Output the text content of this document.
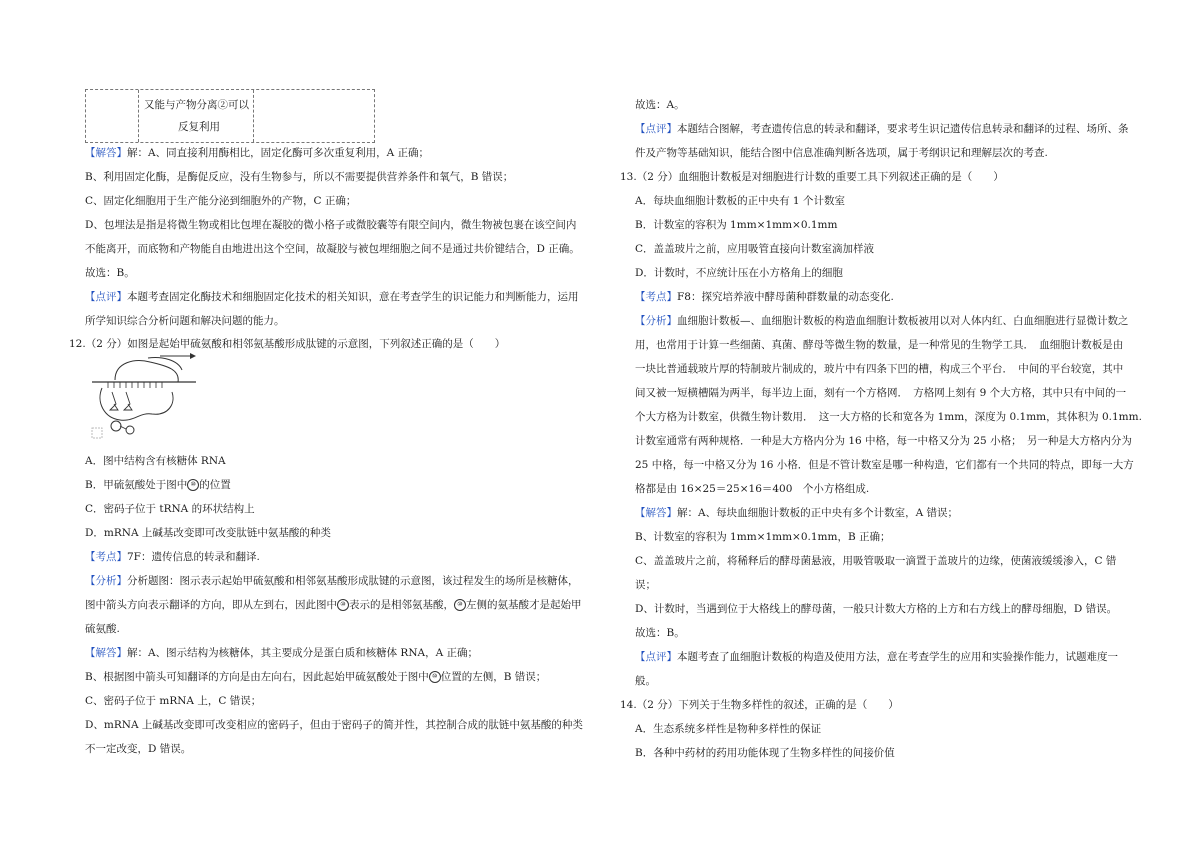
又能与产物分离②可以
反复利用
【解答】解：A、同直接利用酶相比，固定化酶可多次重复利用，A 正确；
B、利用固定化酶，是酶促反应，没有生物参与，所以不需要提供营养条件和氧气，B 错误；
C、固定化细胞用于生产能分泌到细胞外的产物，C 正确；
D、包埋法是指是将微生物或相比包埋在凝胶的微小格子或微胶囊等有限空间内，微生物被包裹在该空间内
不能离开，而底物和产物能自由地进出这个空间，故凝胶与被包埋细胞之间不是通过共价键结合，D 正确。
故选：B。
【点评】本题考查固定化酶技术和细胞固定化技术的相关知识，意在考查学生的识记能力和判断能力，运用
所学知识综合分析问题和解决问题的能力。
12.（2 分）如图是起始甲硫氨酸和相邻氨基酸形成肽键的示意图，下列叙述正确的是（　　）
A．图中结构含有核糖体 RNA
B．甲硫氨酸处于图中 ⑩ 的位置
C．密码子位于 tRNA 的环状结构上
D．mRNA 上碱基改变即可改变肽链中氨基酸的种类
【考点】7F：遗传信息的转录和翻译.
【分析】分析题图：图示表示起始甲硫氨酸和相邻氨基酸形成肽键的示意图，该过程发生的场所是核糖体，
图中箭头方向表示翻译的方向，即从左到右，因此图中 ⑩ 表示的是相邻氨基酸， ⑩ 左侧的氨基酸才是起始甲
硫氨酸.
【解答】解：A、图示结构为核糖体，其主要成分是蛋白质和核糖体 RNA，A 正确；
B、根据图中箭头可知翻译的方向是由左向右，因此起始甲硫氨酸处于图中 ⑩ 位置的左侧，B 错误；
C、密码子位于 mRNA 上，C 错误；
D、mRNA 上碱基改变即可改变相应的密码子，但由于密码子的简并性，其控制合成的肽链中氨基酸的种类
不一定改变，D 错误。
故选：A。
【点评】本题结合图解，考查遗传信息的转录和翻译，要求考生识记遗传信息转录和翻译的过程、场所、条
件及产物等基础知识，能结合图中信息准确判断各选项，属于考纲识记和理解层次的考查.
13.（2 分）血细胞计数板是对细胞进行计数的重要工具下列叙述正确的是（　　）
A．每块血细胞计数板的正中央有 1 个计数室
B．计数室的容积为 1mm×1mm×0.1mm
C．盖盖玻片之前，应用吸管直接向计数室滴加样液
D．计数时，不应统计压在小方格角上的细胞
【考点】F8：探究培养液中酵母菌种群数量的动态变化.
【分析】血细胞计数板—、血细胞计数板的构造血细胞计数板被用以对人体内红、白血细胞进行显微计数之
用，也常用于计算一些细菌、真菌、酵母等微生物的数量，是一种常见的生物学工具．　血细胞计数板是由
一块比普通载玻片厚的特制玻片制成的，玻片中有四条下凹的槽，构成三个平台．　中间的平台较宽，其中
间又被一短横槽隔为两半，每半边上面，刻有一个方格网．　方格网上刻有 9 个大方格，其中只有中间的一
个大方格为计数室，供微生物计数用．　这一大方格的长和宽各为 1mm，深度为 0.1mm，其体积为 0.1mm.
计数室通常有两种规格．一种是大方格内分为 16 中格，每一中格又分为 25 小格；　另一种是大方格内分为
25 中格，每一中格又分为 16 小格．但是不管计数室是哪一种构造，它们都有一个共同的特点，即每一大方
格都是由 16×25＝25×16＝400　个小方格组成.
【解答】解：A、每块血细胞计数板的正中央有多个计数室，A 错误；
B、计数室的容积为 1mm×1mm×0.1mm，B 正确；
C、盖盖玻片之前，将稀释后的酵母菌悬液，用吸管吸取一滴置于盖玻片的边缘，使菌液缓缓渗入，C 错
误；
D、计数时，当遇到位于大格线上的酵母菌，一般只计数大方格的上方和右方线上的酵母细胞，D 错误。
故选：B。
【点评】本题考查了血细胞计数板的构造及使用方法，意在考查学生的应用和实验操作能力，试题难度一
般。
14.（2 分）下列关于生物多样性的叙述，正确的是（　　）
A．生态系统多样性是物种多样性的保证
B．各种中药材的药用功能体现了生物多样性的间接价值
